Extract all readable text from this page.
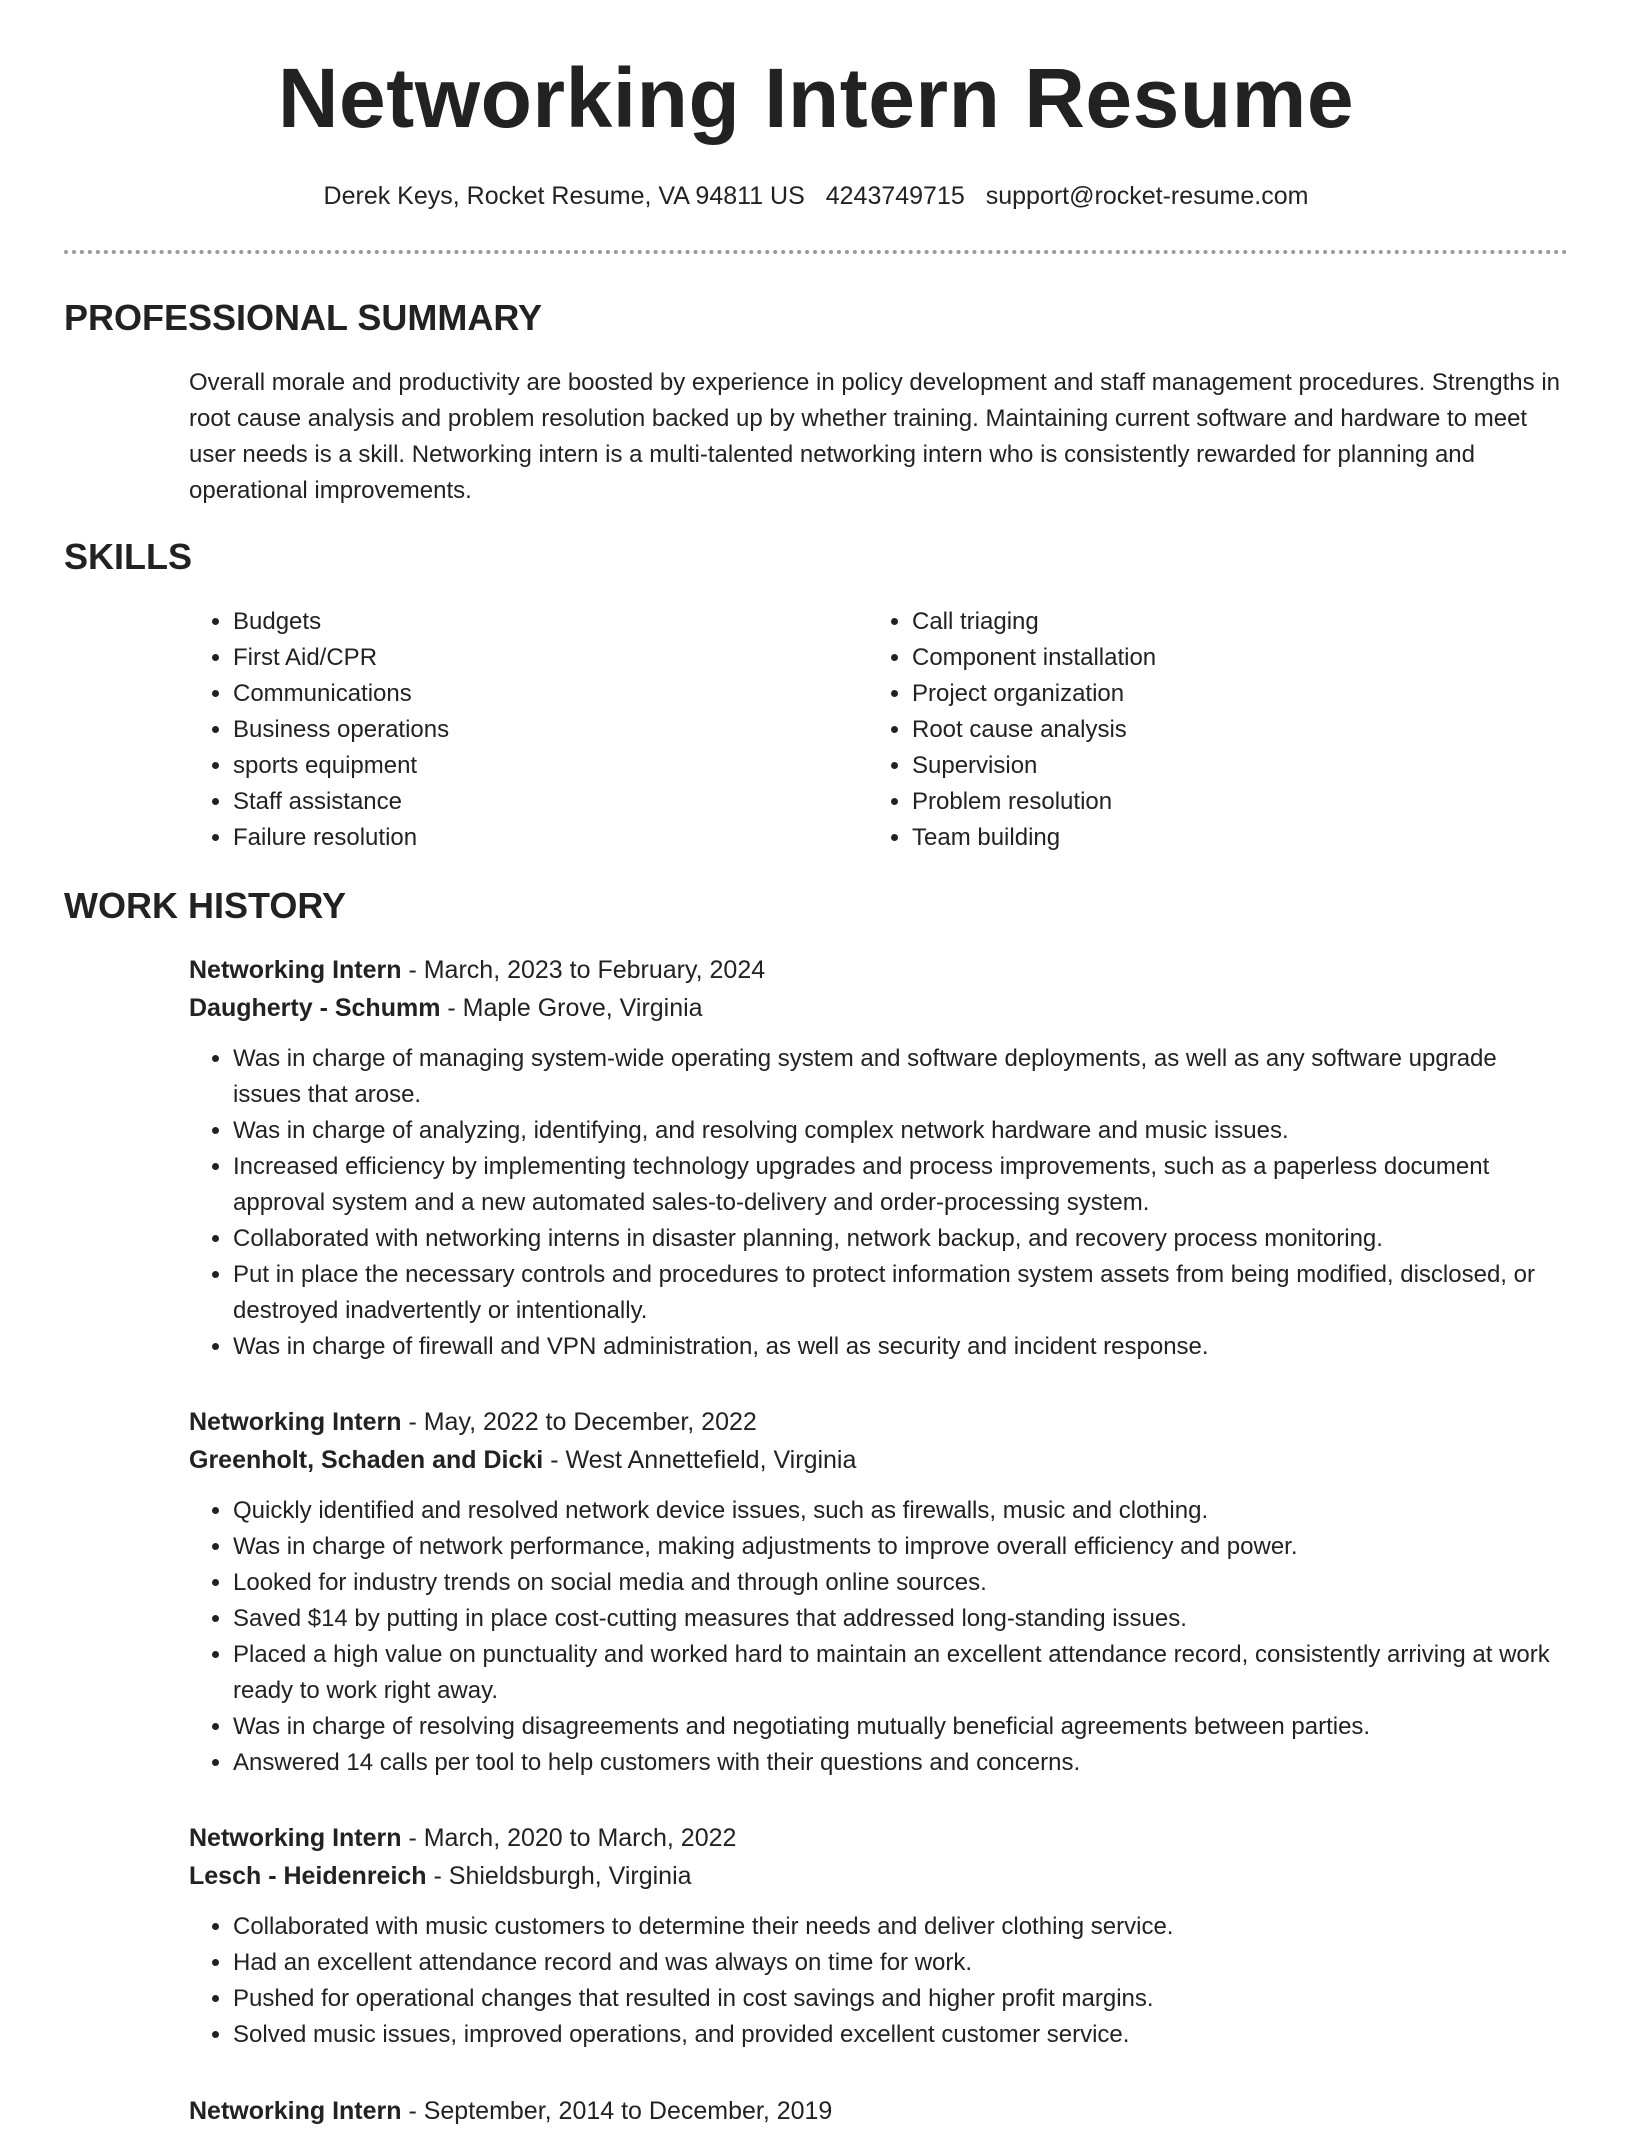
Networking Intern Resume
Derek Keys, Rocket Resume, VA 94811 US 4243749715 support@rocket-resume.com
PROFESSIONAL SUMMARY

Overall morale and productivity are boosted by experience in policy development and staff management procedures. Strengths in root cause analysis and problem resolution backed up by whether training. Maintaining current software and hardware to meet user needs is a skill. Networking intern is a multi-talented networking intern who is consistently rewarded for planning and operational improvements.

SKILLS
• Budgets
• First Aid/CPR
• Communications
• Business operations
• sports equipment
• Staff assistance
• Failure resolution
• Call triaging
• Component installation
• Project organization
• Root cause analysis
• Supervision
• Problem resolution
• Team building
WORK HISTORY
Networking Intern - March, 2023 to February, 2024
Daugherty - Schumm - Maple Grove, Virginia
• Was in charge of managing system-wide operating system and software deployments, as well as any software upgrade issues that arose.
• Was in charge of analyzing, identifying, and resolving complex network hardware and music issues.
• Increased efficiency by implementing technology upgrades and process improvements, such as a paperless document approval system and a new automated sales-to-delivery and order-processing system.
• Collaborated with networking interns in disaster planning, network backup, and recovery process monitoring.
• Put in place the necessary controls and procedures to protect information system assets from being modified, disclosed, or destroyed inadvertently or intentionally.
• Was in charge of firewall and VPN administration, as well as security and incident response.
Networking Intern - May, 2022 to December, 2022
Greenholt, Schaden and Dicki - West Annettefield, Virginia
• Quickly identified and resolved network device issues, such as firewalls, music and clothing.
• Was in charge of network performance, making adjustments to improve overall efficiency and power.
• Looked for industry trends on social media and through online sources.
• Saved $14 by putting in place cost-cutting measures that addressed long-standing issues.
• Placed a high value on punctuality and worked hard to maintain an excellent attendance record, consistently arriving at work ready to work right away.
• Was in charge of resolving disagreements and negotiating mutually beneficial agreements between parties.
• Answered 14 calls per tool to help customers with their questions and concerns.
Networking Intern - March, 2020 to March, 2022
Lesch - Heidenreich - Shieldsburgh, Virginia
• Collaborated with music customers to determine their needs and deliver clothing service.
• Had an excellent attendance record and was always on time for work.
• Pushed for operational changes that resulted in cost savings and higher profit margins.
• Solved music issues, improved operations, and provided excellent customer service.
Networking Intern - September, 2014 to December, 2019
